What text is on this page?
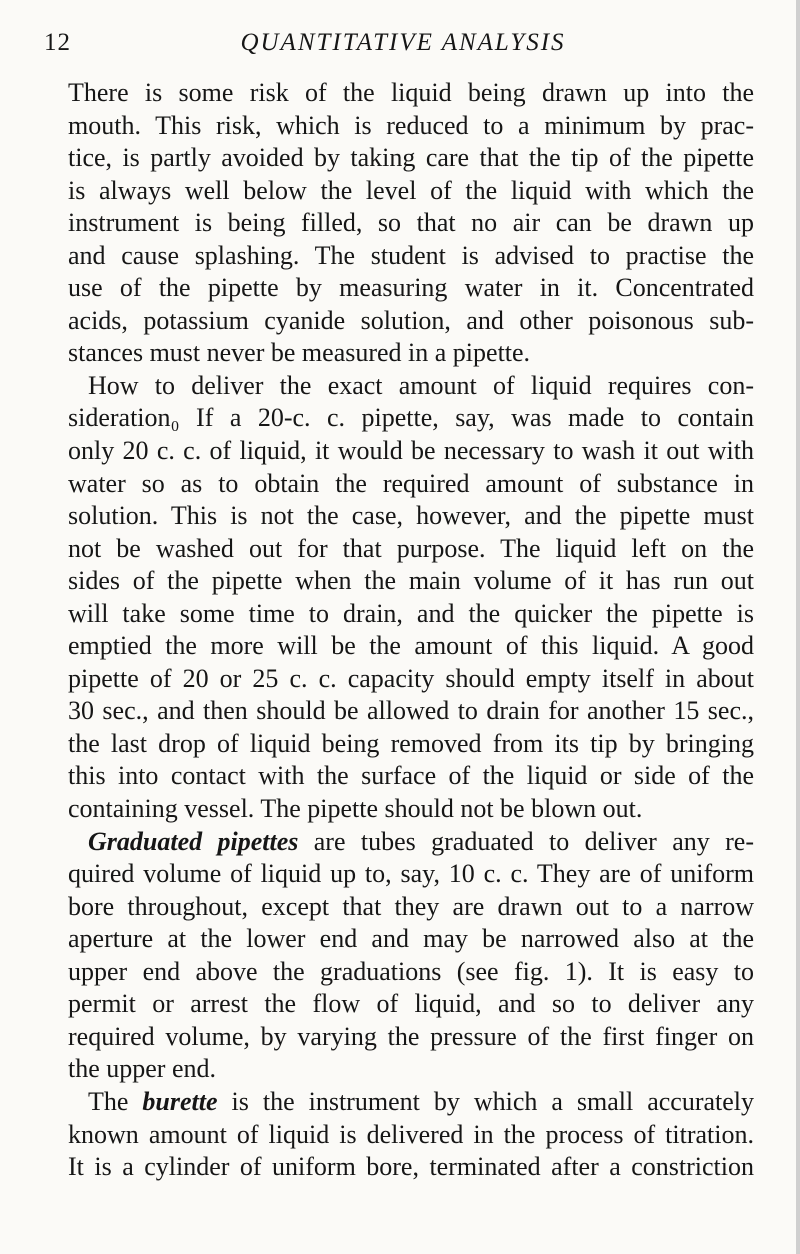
12	QUANTITATIVE ANALYSIS
There is some risk of the liquid being drawn up into the
mouth. This risk, which is reduced to a minimum by prac-
tice, is partly avoided by taking care that the tip of the pipette
is always well below the level of the liquid with which the
instrument is being filled, so that no air can be drawn up
and cause splashing. The student is advised to practise the
use of the pipette by measuring water in it. Concentrated
acids, potassium cyanide solution, and other poisonous sub-
stances must never be measured in a pipette.
How to deliver the exact amount of liquid requires con-
sideration₀ If a 20-c. c. pipette, say, was made to contain
only 20 c. c. of liquid, it would be necessary to wash it out with
water so as to obtain the required amount of substance in
solution. This is not the case, however, and the pipette must
not be washed out for that purpose. The liquid left on the
sides of the pipette when the main volume of it has run out
will take some time to drain, and the quicker the pipette is
emptied the more will be the amount of this liquid. A good
pipette of 20 or 25 c. c. capacity should empty itself in about
30 sec., and then should be allowed to drain for another 15 sec.,
the last drop of liquid being removed from its tip by bringing
this into contact with the surface of the liquid or side of the
containing vessel. The pipette should not be blown out.
Graduated pipettes are tubes graduated to deliver any re-
quired volume of liquid up to, say, 10 c. c. They are of uniform
bore throughout, except that they are drawn out to a narrow
aperture at the lower end and may be narrowed also at the
upper end above the graduations (see fig. 1). It is easy to
permit or arrest the flow of liquid, and so to deliver any
required volume, by varying the pressure of the first finger on
the upper end.
The burette is the instrument by which a small accurately
known amount of liquid is delivered in the process of titration.
It is a cylinder of uniform bore, terminated after a constriction
